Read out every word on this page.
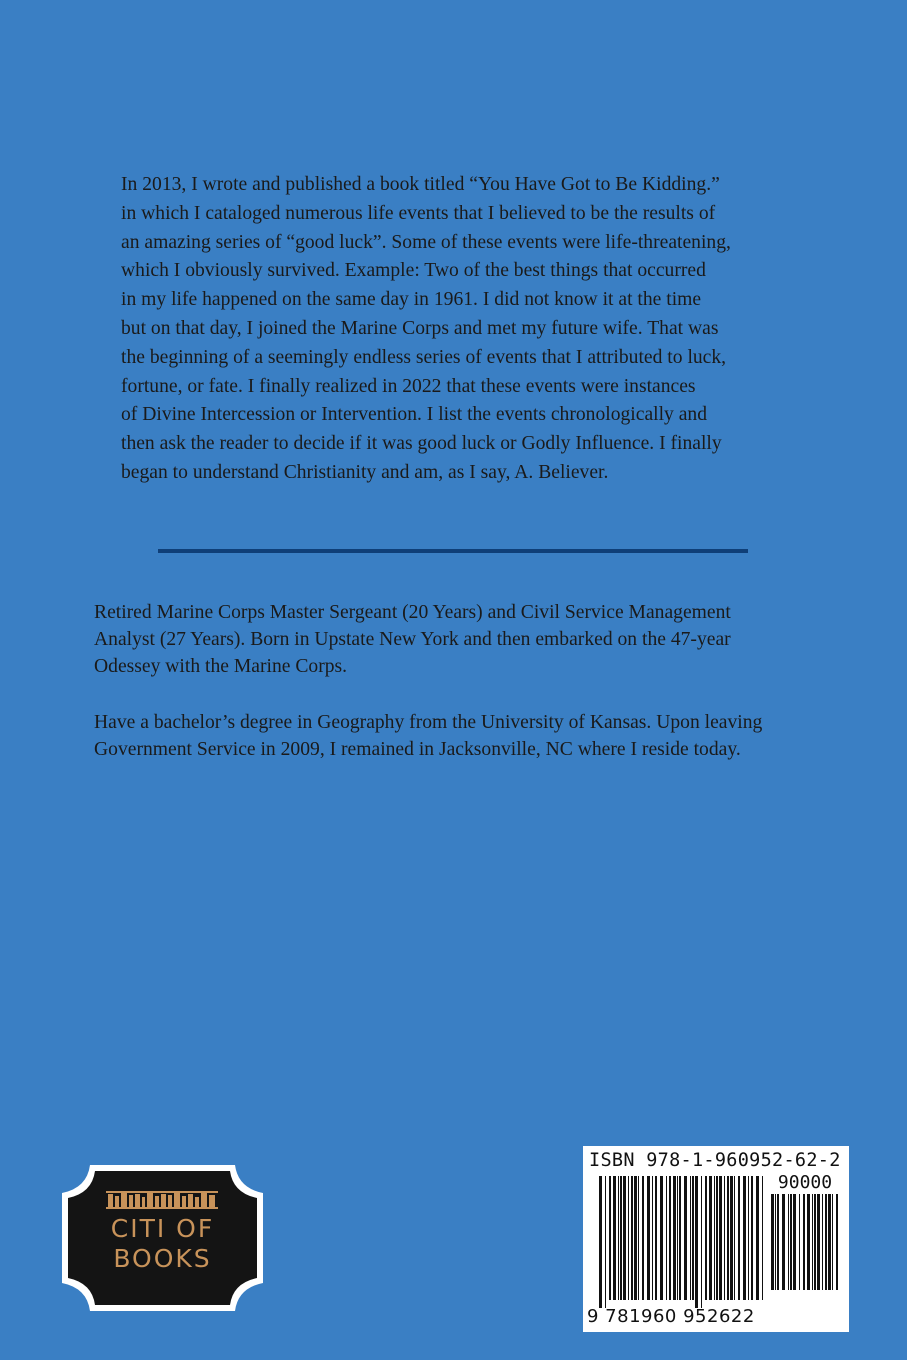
In 2013, I wrote and published a book titled “You Have Got to Be Kidding.”
in which I cataloged numerous life events that I believed to be the results of
an amazing series of “good luck”. Some of these events were life-threatening,
which I obviously survived. Example: Two of the best things that occurred
in my life happened on the same day in 1961. I did not know it at the time
but on that day, I joined the Marine Corps and met my future wife. That was
the beginning of a seemingly endless series of events that I attributed to luck,
fortune, or fate. I finally realized in 2022 that these events were instances
of Divine Intercession or Intervention. I list the events chronologically and
then ask the reader to decide if it was good luck or Godly Influence. I finally
began to understand Christianity and am, as I say, A. Believer.
Retired Marine Corps Master Sergeant (20 Years) and Civil Service Management
Analyst (27 Years). Born in Upstate New York and then embarked on the 47-year
Odessey with the Marine Corps.
Have a bachelor’s degree in Geography from the University of Kansas. Upon leaving
Government Service in 2009, I remained in Jacksonville, NC where I reside today.
CITI OF
BOOKS
ISBN 978-1-960952-62-2
90000
9 781960 952622
